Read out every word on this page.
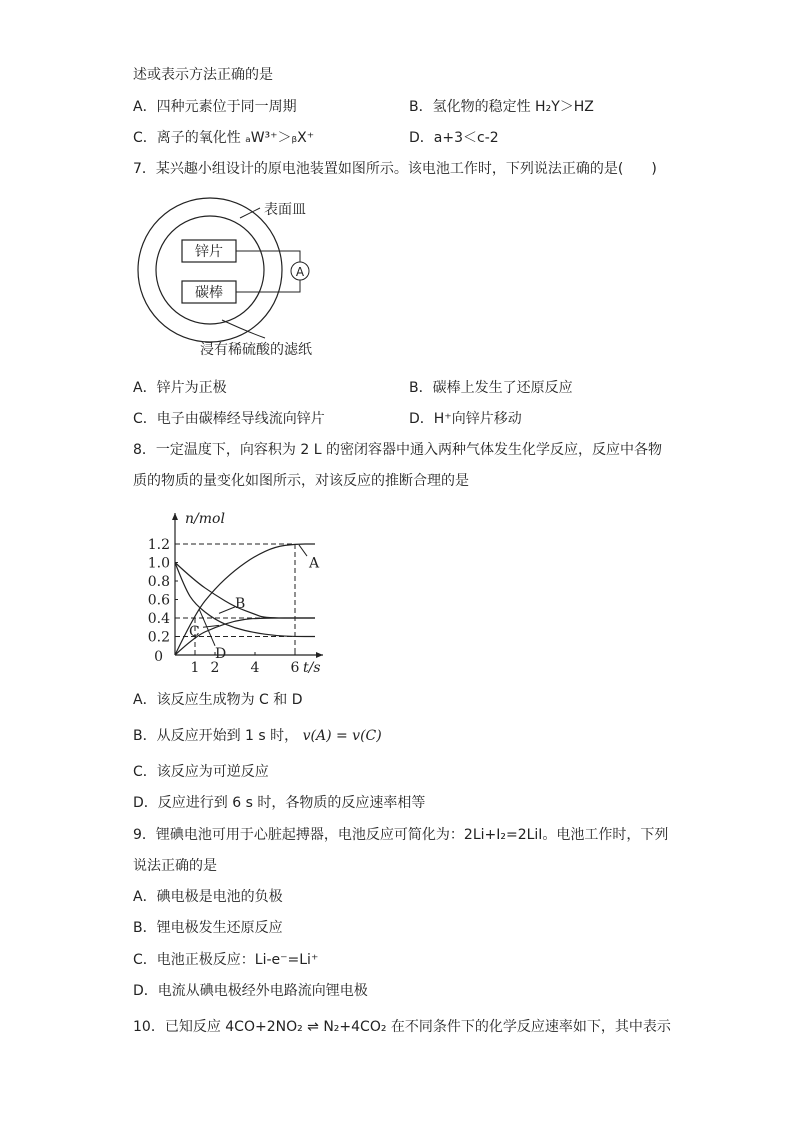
述或表示方法正确的是
A．四种元素位于同一周期	B．氢化物的稳定性 H₂Y＞HZ
C．离子的氧化性 ₐW³⁺＞ᵦX⁺	D．a+3＜c-2
7．某兴趣小组设计的原电池装置如图所示。该电池工作时，下列说法正确的是(　　)
表面皿
锌片
碳棒
A
浸有稀硫酸的滤纸
A．锌片为正极	B．碳棒上发生了还原反应
C．电子由碳棒经导线流向锌片	D．H⁺向锌片移动
8．一定温度下，向容积为 2 L 的密闭容器中通入两种气体发生化学反应，反应中各物
质的物质的量变化如图所示，对该反应的推断合理的是
n/mol
t/s
1.2
1.0
0.8
0.6
0.4
0.2
0
1 2 4 6
A
B
C
D
A．该反应生成物为 C 和 D
B．从反应开始到 1 s 时， v(A) = v(C)
C．该反应为可逆反应
D．反应进行到 6 s 时，各物质的反应速率相等
9．锂碘电池可用于心脏起搏器，电池反应可简化为：2Li+I₂=2LiI。电池工作时，下列
说法正确的是
A．碘电极是电池的负极
B．锂电极发生还原反应
C．电池正极反应：Li-e⁻=Li⁺
D．电流从碘电极经外电路流向锂电极
10．已知反应 4CO+2NO₂ ⇌ N₂+4CO₂ 在不同条件下的化学反应速率如下，其中表示
